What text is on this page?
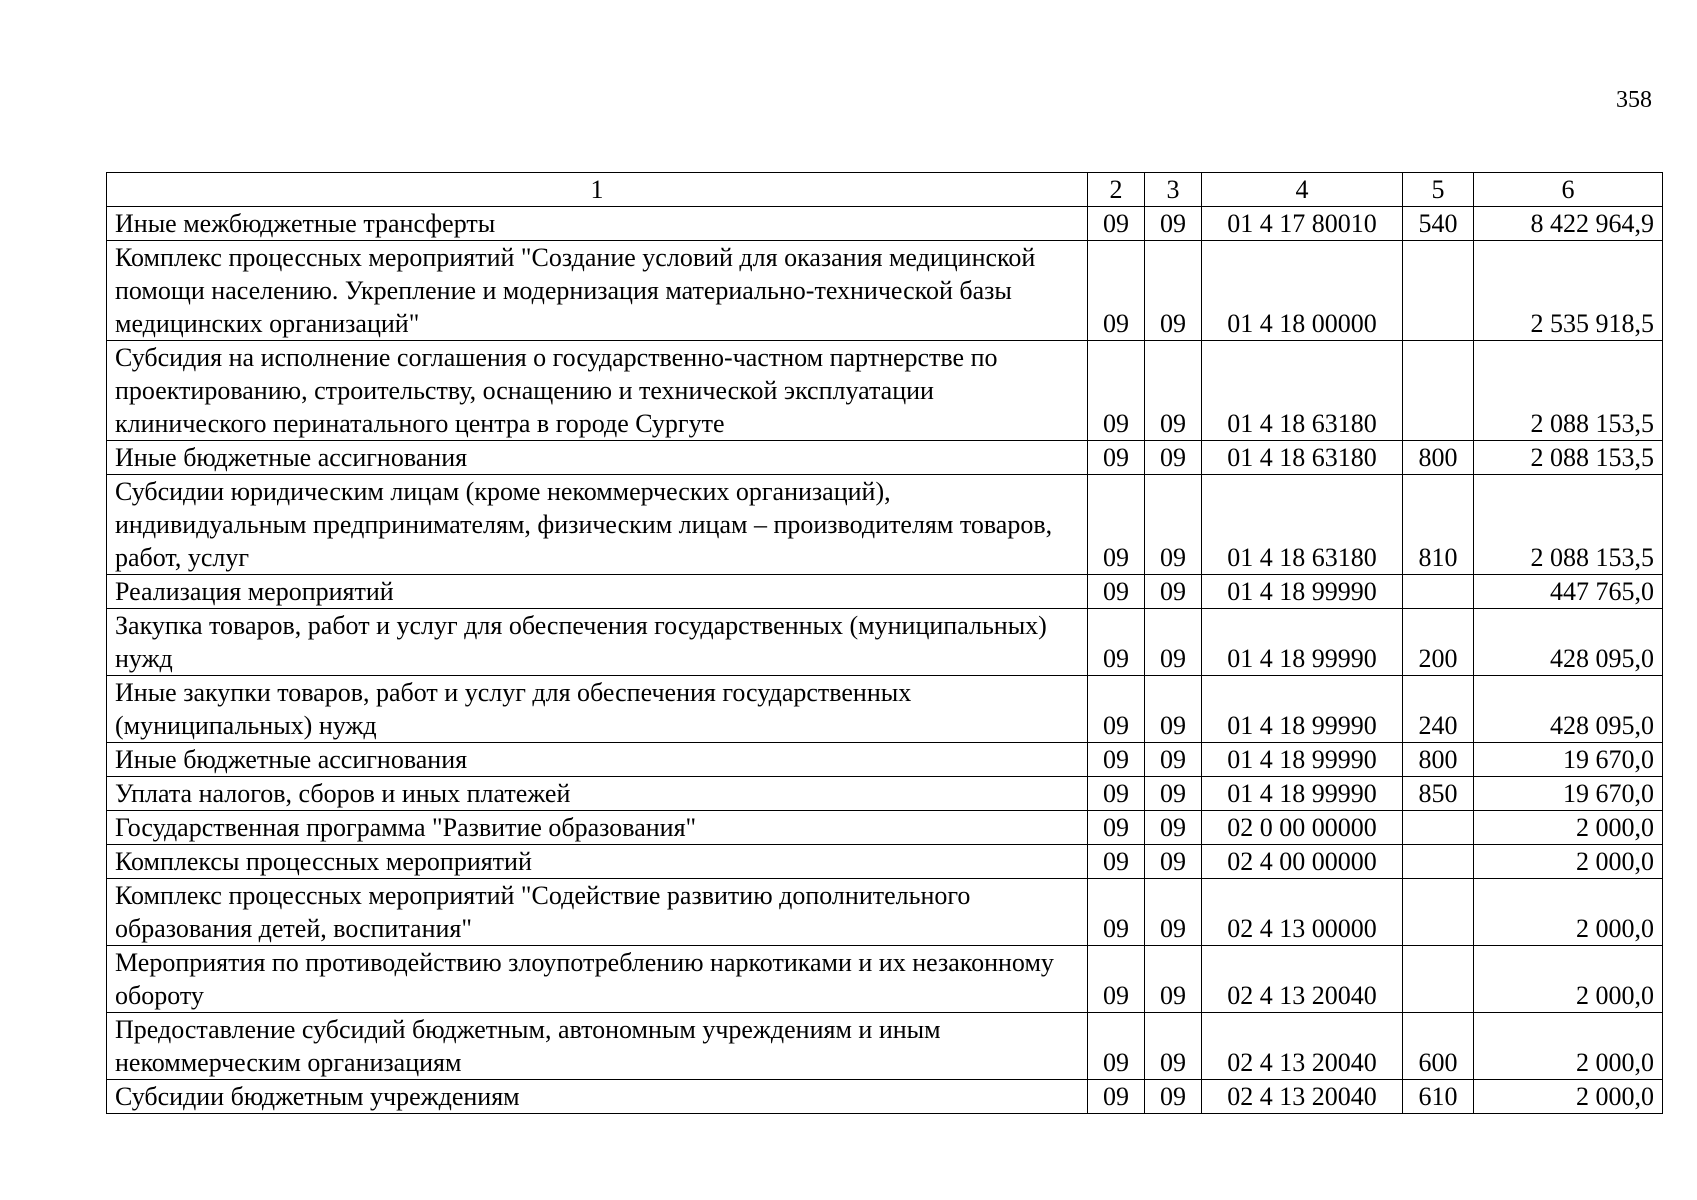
358
1	2	3	4	5	6
Иные межбюджетные трансферты	09	09	01 4 17 80010	540	8 422 964,9
Комплекс процессных мероприятий "Создание условий для оказания медицинской помощи населению. Укрепление и модернизация материально-технической базы медицинских организаций"	09	09	01 4 18 00000		2 535 918,5
Субсидия на исполнение соглашения о государственно-частном партнерстве по проектированию, строительству, оснащению и технической эксплуатации клинического перинатального центра в городе Сургуте	09	09	01 4 18 63180		2 088 153,5
Иные бюджетные ассигнования	09	09	01 4 18 63180	800	2 088 153,5
Субсидии юридическим лицам (кроме некоммерческих организаций), индивидуальным предпринимателям, физическим лицам – производителям товаров, работ, услуг	09	09	01 4 18 63180	810	2 088 153,5
Реализация мероприятий	09	09	01 4 18 99990		447 765,0
Закупка товаров, работ и услуг для обеспечения государственных (муниципальных) нужд	09	09	01 4 18 99990	200	428 095,0
Иные закупки товаров, работ и услуг для обеспечения государственных (муниципальных) нужд	09	09	01 4 18 99990	240	428 095,0
Иные бюджетные ассигнования	09	09	01 4 18 99990	800	19 670,0
Уплата налогов, сборов и иных платежей	09	09	01 4 18 99990	850	19 670,0
Государственная программа "Развитие образования"	09	09	02 0 00 00000		2 000,0
Комплексы процессных мероприятий	09	09	02 4 00 00000		2 000,0
Комплекс процессных мероприятий "Содействие развитию дополнительного образования детей, воспитания"	09	09	02 4 13 00000		2 000,0
Мероприятия по противодействию злоупотреблению наркотиками и их незаконному обороту	09	09	02 4 13 20040		2 000,0
Предоставление субсидий бюджетным, автономным учреждениям и иным некоммерческим организациям	09	09	02 4 13 20040	600	2 000,0
Субсидии бюджетным учреждениям	09	09	02 4 13 20040	610	2 000,0
